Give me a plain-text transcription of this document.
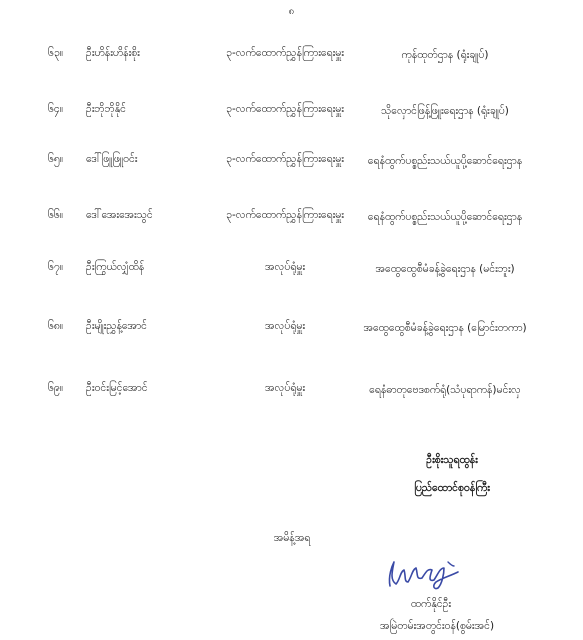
၈
၆၃။ ဦးဟိန်းဟိန်းစိုး	၃-လက်ထောက်ညွှန်ကြားရေးမှူး	ကုန်ထုတ်ဌာန (ရုံးချုပ်)
၆၄။ ဦးဘိုဘိုနိုင်	၃-လက်ထောက်ညွှန်ကြားရေးမှူး	သိုလှောင်ဖြန့်ဖြူးရေးဌာန (ရုံးချုပ်)
၆၅။ ဒေါ်ဖြူဖြူဝင်း	၃-လက်ထောက်ညွှန်ကြားရေးမှူး	ရေနံထွက်ပစ္စည်းသယ်ယူပို့ဆောင်ရေးဌာန
၆၆။ ဒေါ်အေးအေးသွင်	၃-လက်ထောက်ညွှန်ကြားရေးမှူး	ရေနံထွက်ပစ္စည်းသယ်ယူပို့ဆောင်ရေးဌာန
၆၇။ ဦးကြွယ်လျှံထိန်	အလုပ်ရုံမှူး	အထွေထွေစီမံခန့်ခွဲရေးဌာန (မင်းဘူး)
၆၈။ ဦးမျိုးညွှန့်အောင်	အလုပ်ရုံမှူး	အထွေထွေစီမံခန့်ခွဲရေးဌာန (မြောင်းတကာ)
၆၉။ ဦးဝင်းမြင့်အောင်	အလုပ်ရုံမှူး	ရေနံဓာတုဗေဒစက်ရုံ(သံပုရာကန်)မင်းလှ
ဦးစိုးသူရထွန်း
ပြည်ထောင်စုဝန်ကြီး
အမိန့်အရ
ထက်နိုင်ဦး
အမြဲတမ်းအတွင်းဝန်(စွမ်းအင်)
